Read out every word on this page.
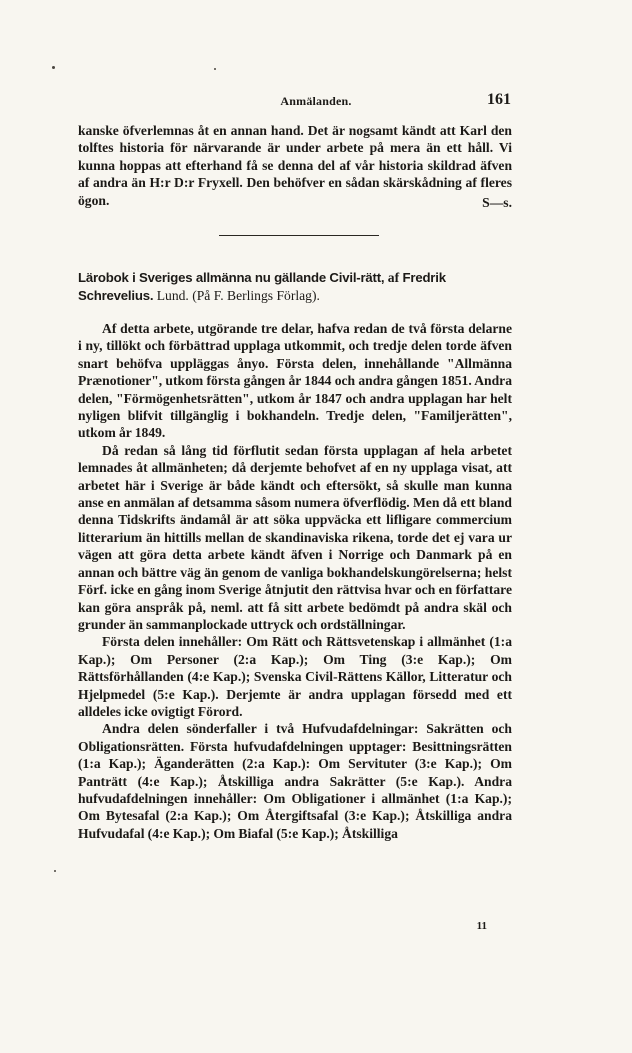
Anmälanden.	161

kanske öfverlemnas åt en annan hand. Det är nogsamt kändt att Karl den tolftes historia för närvarande är under arbete på mera än ett håll. Vi kunna hoppas att efterhand få se denna del af vår historia skildrad äfven af andra än H:r D:r Fryxell. Den behöfver en sådan skärskådning af fleres ögon.	S—s.
Lärobok i Sveriges allmänna nu gällande Civil-rätt, af Fredrik Schrevelius. Lund. (På F. Berlings Förlag).

Af detta arbete, utgörande tre delar, hafva redan de två första delarne i ny, tillökt och förbättrad upplaga utkommit, och tredje delen torde äfven snart behöfva uppläggas ånyo. Första delen, innehållande "Allmänna Prænotioner", utkom första gången år 1844 och andra gången 1851. Andra delen, "Förmögenhetsrätten", utkom år 1847 och andra upplagan har helt nyligen blifvit tillgänglig i bokhandeln. Tredje delen, "Familjerätten", utkom år 1849.

Då redan så lång tid förflutit sedan första upplagan af hela arbetet lemnades åt allmänheten; då derjemte behofvet af en ny upplaga visat, att arbetet här i Sverige är både kändt och eftersökt, så skulle man kunna anse en anmälan af detsamma såsom numera öfverflödig. Men då ett bland denna Tidskrifts ändamål är att söka uppväcka ett lifligare commercium litterarium än hittills mellan de skandinaviska rikena, torde det ej vara ur vägen att göra detta arbete kändt äfven i Norrige och Danmark på en annan och bättre väg än genom de vanliga bokhandelskungörelserna; helst Förf. icke en gång inom Sverige åtnjutit den rättvisa hvar och en författare kan göra anspråk på, neml. att få sitt arbete bedömdt på andra skäl och grunder än sammanplockade uttryck och ordställningar.

Första delen innehåller: Om Rätt och Rättsvetenskap i allmänhet (1:a Kap.); Om Personer (2:a Kap.); Om Ting (3:e Kap.); Om Rättsförhållanden (4:e Kap.); Svenska Civil-Rättens Källor, Litteratur och Hjelpmedel (5:e Kap.). Derjemte är andra upplagan försedd med ett alldeles icke ovigtigt Förord.

Andra delen sönderfaller i två Hufvudafdelningar: Sakrätten och Obligationsrätten. Första hufvudafdelningen upptager: Besittningsrätten (1:a Kap.); Äganderätten (2:a Kap.): Om Servituter (3:e Kap.); Om Panträtt (4:e Kap.); Åtskilliga andra Sakrätter (5:e Kap.). Andra hufvudafdelningen innehåller: Om Obligationer i allmänhet (1:a Kap.); Om Bytesafal (2:a Kap.); Om Återgiftsafal (3:e Kap.); Åtskilliga andra Hufvudafal (4:e Kap.); Om Biafal (5:e Kap.); Åtskilliga

11
